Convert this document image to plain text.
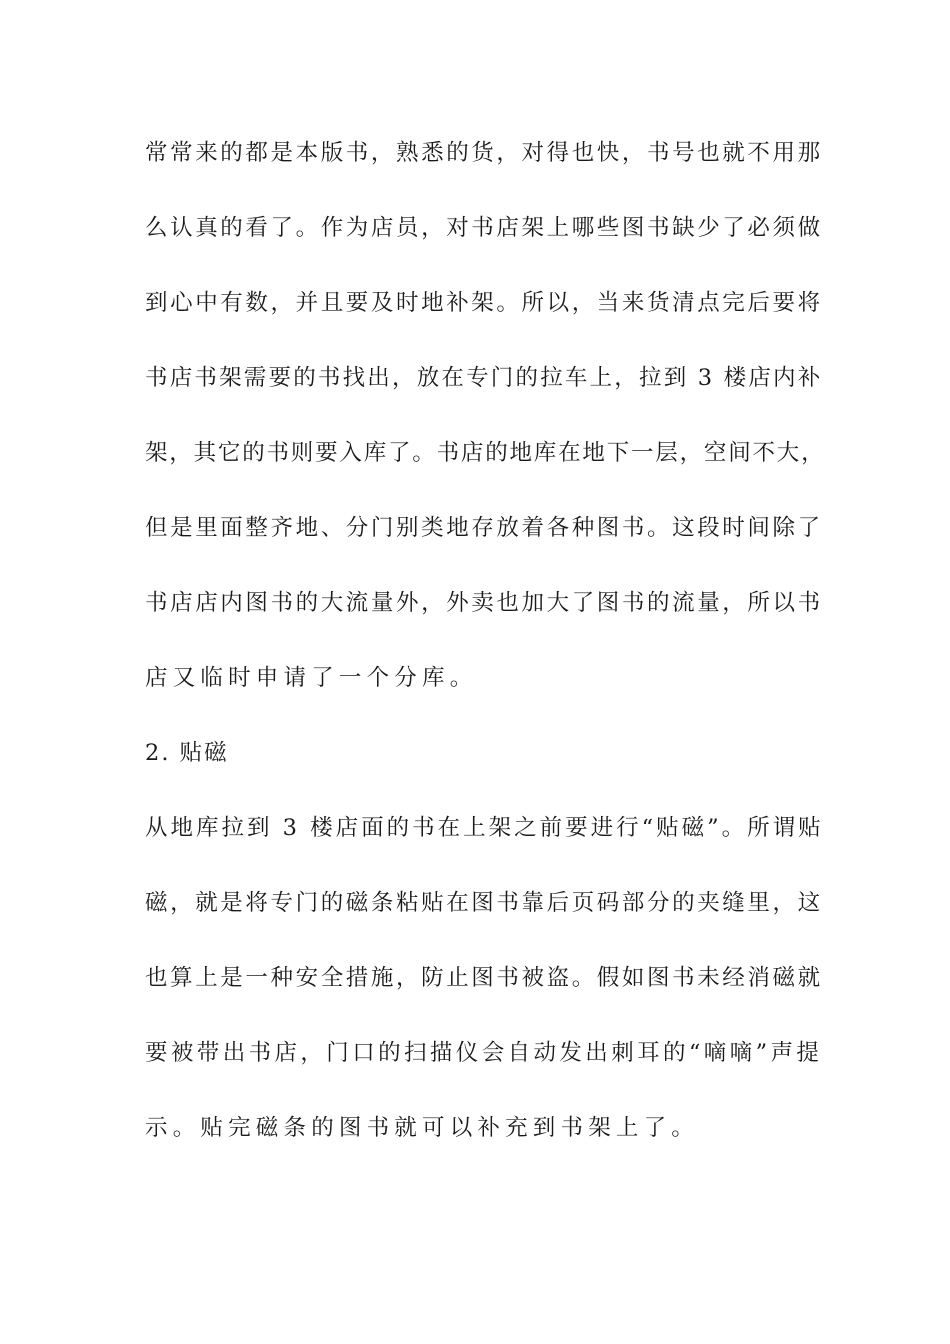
常常来的都是本版书，熟悉的货，对得也快，书号也就不用那
么认真的看了。作为店员，对书店架上哪些图书缺少了必须做
到心中有数，并且要及时地补架。所以，当来货清点完后要将
书店书架需要的书找出，放在专门的拉车上，拉到 3 楼店内补
架，其它的书则要入库了。书店的地库在地下一层，空间不大，
但是里面整齐地、分门别类地存放着各种图书。这段时间除了
书店店内图书的大流量外，外卖也加大了图书的流量，所以书
店又临时申请了一个分库。
2. 贴磁
从地库拉到 3 楼店面的书在上架之前要进行“贴磁”。所谓贴
磁，就是将专门的磁条粘贴在图书靠后页码部分的夹缝里，这
也算上是一种安全措施，防止图书被盗。假如图书未经消磁就
要被带出书店，门口的扫描仪会自动发出刺耳的“嘀嘀”声提
示。贴完磁条的图书就可以补充到书架上了。
